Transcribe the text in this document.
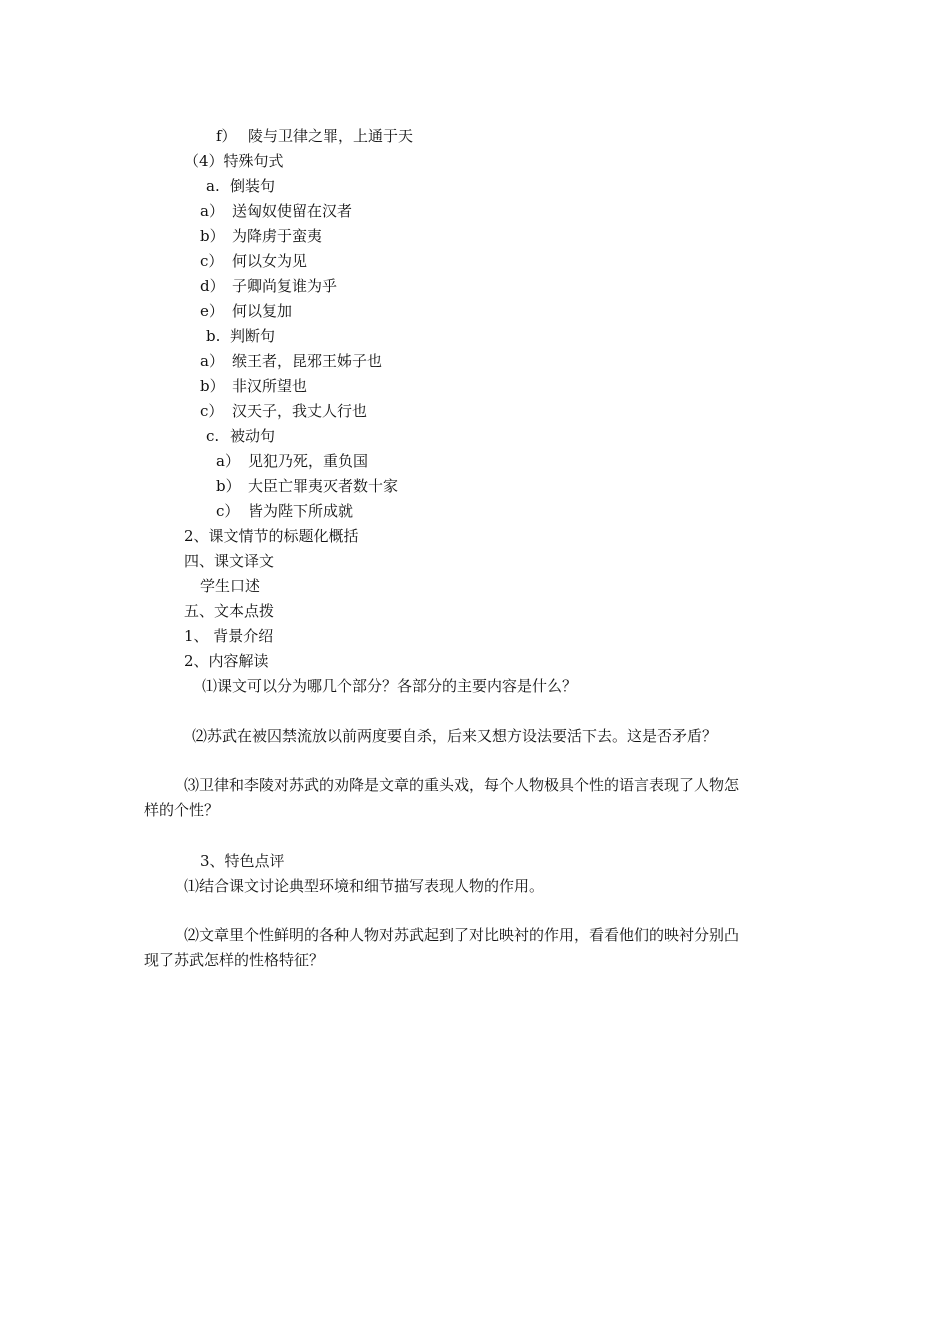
f） 陵与卫律之罪，上通于天
（4）特殊句式
a. 倒装句
a） 送匈奴使留在汉者
b） 为降虏于蛮夷
c） 何以女为见
d） 子卿尚复谁为乎
e） 何以复加
b. 判断句
a） 缑王者，昆邪王姊子也
b） 非汉所望也
c） 汉天子，我丈人行也
c. 被动句
a） 见犯乃死，重负国
b） 大臣亡罪夷灭者数十家
c） 皆为陛下所成就
2、课文情节的标题化概括
四、课文译文
学生口述
五、文本点拨
1、 背景介绍
2、内容解读
⑴课文可以分为哪几个部分？各部分的主要内容是什么？
⑵苏武在被囚禁流放以前两度要自杀，后来又想方设法要活下去。这是否矛盾？
⑶卫律和李陵对苏武的劝降是文章的重头戏，每个人物极具个性的语言表现了人物怎
样的个性？
3、特色点评
⑴结合课文讨论典型环境和细节描写表现人物的作用。
⑵文章里个性鲜明的各种人物对苏武起到了对比映衬的作用，看看他们的映衬分别凸
现了苏武怎样的性格特征？
